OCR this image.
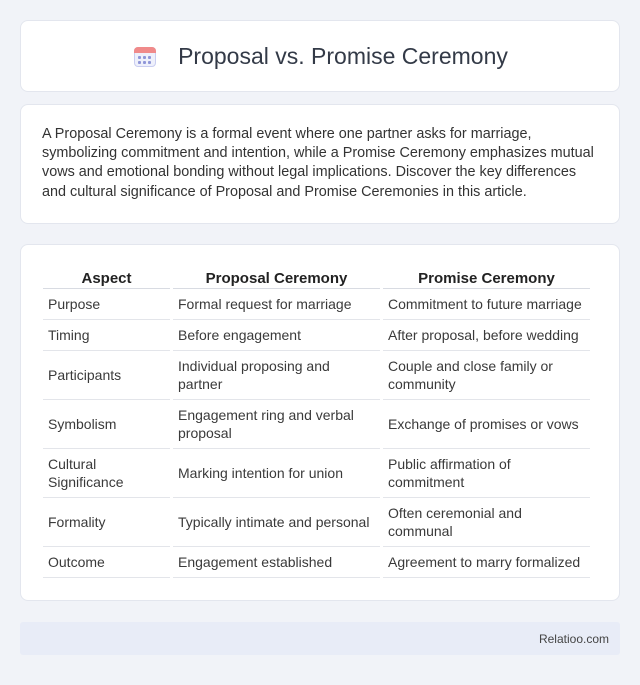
Proposal vs. Promise Ceremony

A Proposal Ceremony is a formal event where one partner asks for marriage, symbolizing commitment and intention, while a Promise Ceremony emphasizes mutual vows and emotional bonding without legal implications. Discover the key differences and cultural significance of Proposal and Promise Ceremonies in this article.

Aspect	Proposal Ceremony	Promise Ceremony
Purpose	Formal request for marriage	Commitment to future marriage
Timing	Before engagement	After proposal, before wedding
Participants	Individual proposing and partner	Couple and close family or community
Symbolism	Engagement ring and verbal proposal	Exchange of promises or vows
Cultural Significance	Marking intention for union	Public affirmation of commitment
Formality	Typically intimate and personal	Often ceremonial and communal
Outcome	Engagement established	Agreement to marry formalized
Relatioo.com
